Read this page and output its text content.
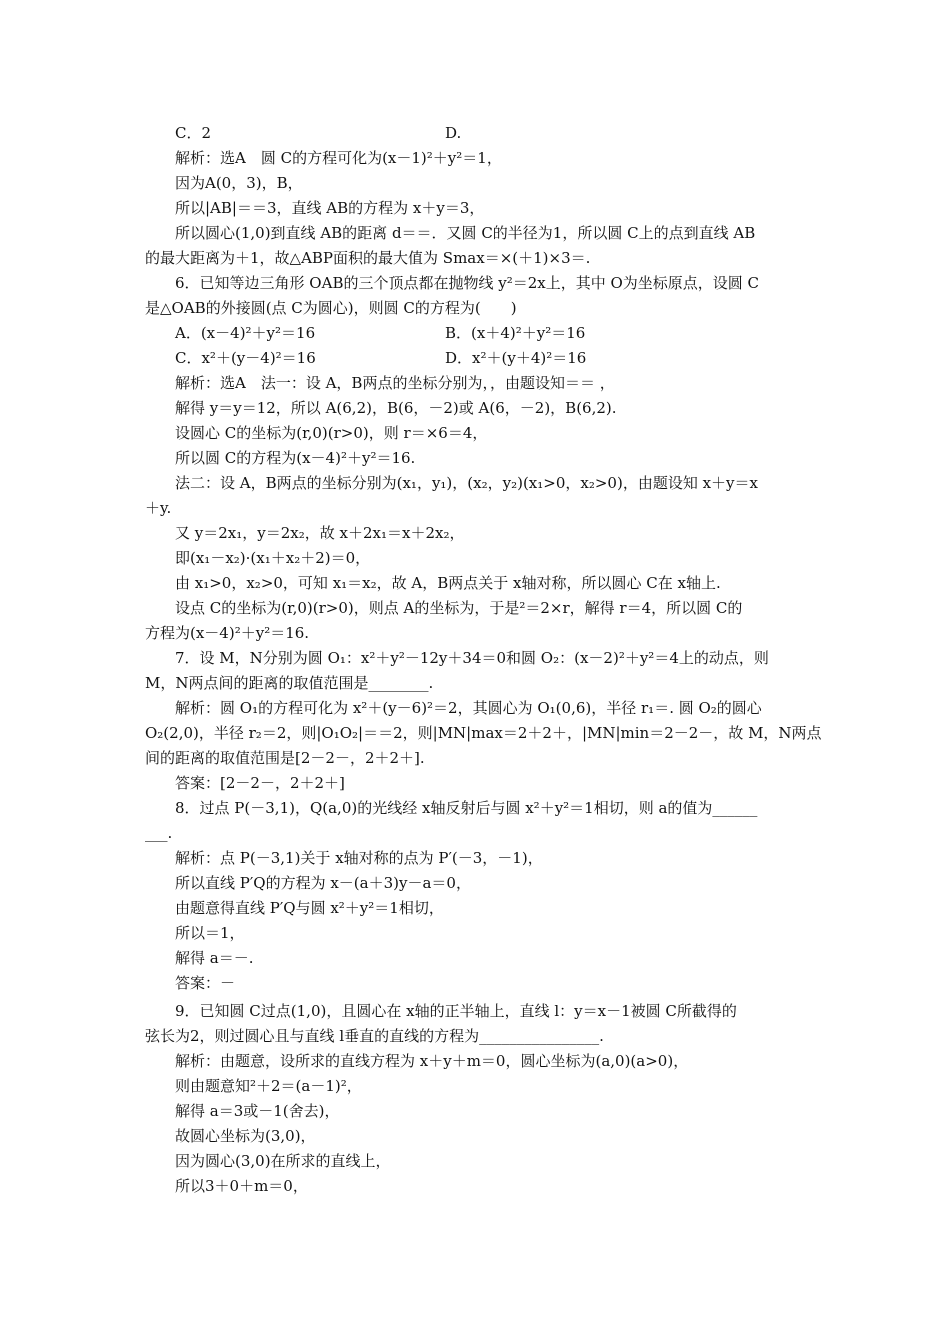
C．2	D.
解析：选A　圆 C的方程可化为(x－1)²＋y²＝1，
因为A(0，3)，B，
所以|AB|＝＝3，直线 AB的方程为 x＋y＝3，
所以圆心(1,0)到直线 AB的距离 d＝＝．又圆 C的半径为1，所以圆 C上的点到直线 AB
的最大距离为＋1，故△ABP面积的最大值为 Smax＝×(＋1)×3＝.
6．已知等边三角形 OAB的三个顶点都在抛物线 y²＝2x上，其中 O为坐标原点，设圆 C
是△OAB的外接圆(点 C为圆心)，则圆 C的方程为(　　)
A．(x－4)²＋y²＝16	B．(x＋4)²＋y²＝16
C．x²＋(y－4)²＝16	D．x²＋(y＋4)²＝16
解析：选A　法一：设 A，B两点的坐标分别为，，由题设知＝＝ ，
解得 y＝y＝12，所以 A(6,2)，B(6，－2)或 A(6，－2)，B(6,2).
设圆心 C的坐标为(r,0)(r>0)，则 r＝×6＝4，
所以圆 C的方程为(x－4)²＋y²＝16.
法二：设 A，B两点的坐标分别为(x₁，y₁)，(x₂，y₂)(x₁>0，x₂>0)，由题设知 x＋y＝x
＋y.
又 y＝2x₁，y＝2x₂，故 x＋2x₁＝x＋2x₂，
即(x₁－x₂)·(x₁＋x₂＋2)＝0，
由 x₁>0，x₂>0，可知 x₁＝x₂，故 A，B两点关于 x轴对称，所以圆心 C在 x轴上.
设点 C的坐标为(r,0)(r>0)，则点 A的坐标为，于是²＝2×r，解得 r＝4，所以圆 C的
方程为(x－4)²＋y²＝16.
7．设 M，N分别为圆 O₁：x²＋y²－12y＋34＝0和圆 O₂：(x－2)²＋y²＝4上的动点，则
M，N两点间的距离的取值范围是________.
解析：圆 O₁的方程可化为 x²＋(y－6)²＝2，其圆心为 O₁(0,6)，半径 r₁＝. 圆 O₂的圆心
O₂(2,0)，半径 r₂＝2，则|O₁O₂|＝＝2，则|MN|max＝2＋2＋，|MN|min＝2－2－，故 M，N两点
间的距离的取值范围是[2－2－，2＋2＋].
答案：[2－2－，2＋2＋]
8．过点 P(－3,1)，Q(a,0)的光线经 x轴反射后与圆 x²＋y²＝1相切，则 a的值为______
___.
解析：点 P(－3,1)关于 x轴对称的点为 P′(－3，－1)，
所以直线 P′Q的方程为 x－(a＋3)y－a＝0，
由题意得直线 P′Q与圆 x²＋y²＝1相切，
所以＝1，
解得 a＝－.
答案：－
9．已知圆 C过点(1,0)，且圆心在 x轴的正半轴上，直线 l：y＝x－1被圆 C所截得的
弦长为2，则过圆心且与直线 l垂直的直线的方程为________________.
解析：由题意，设所求的直线方程为 x＋y＋m＝0，圆心坐标为(a,0)(a>0)，
则由题意知²＋2＝(a－1)²，
解得 a＝3或－1(舍去)，
故圆心坐标为(3,0)，
因为圆心(3,0)在所求的直线上，
所以3＋0＋m＝0，
